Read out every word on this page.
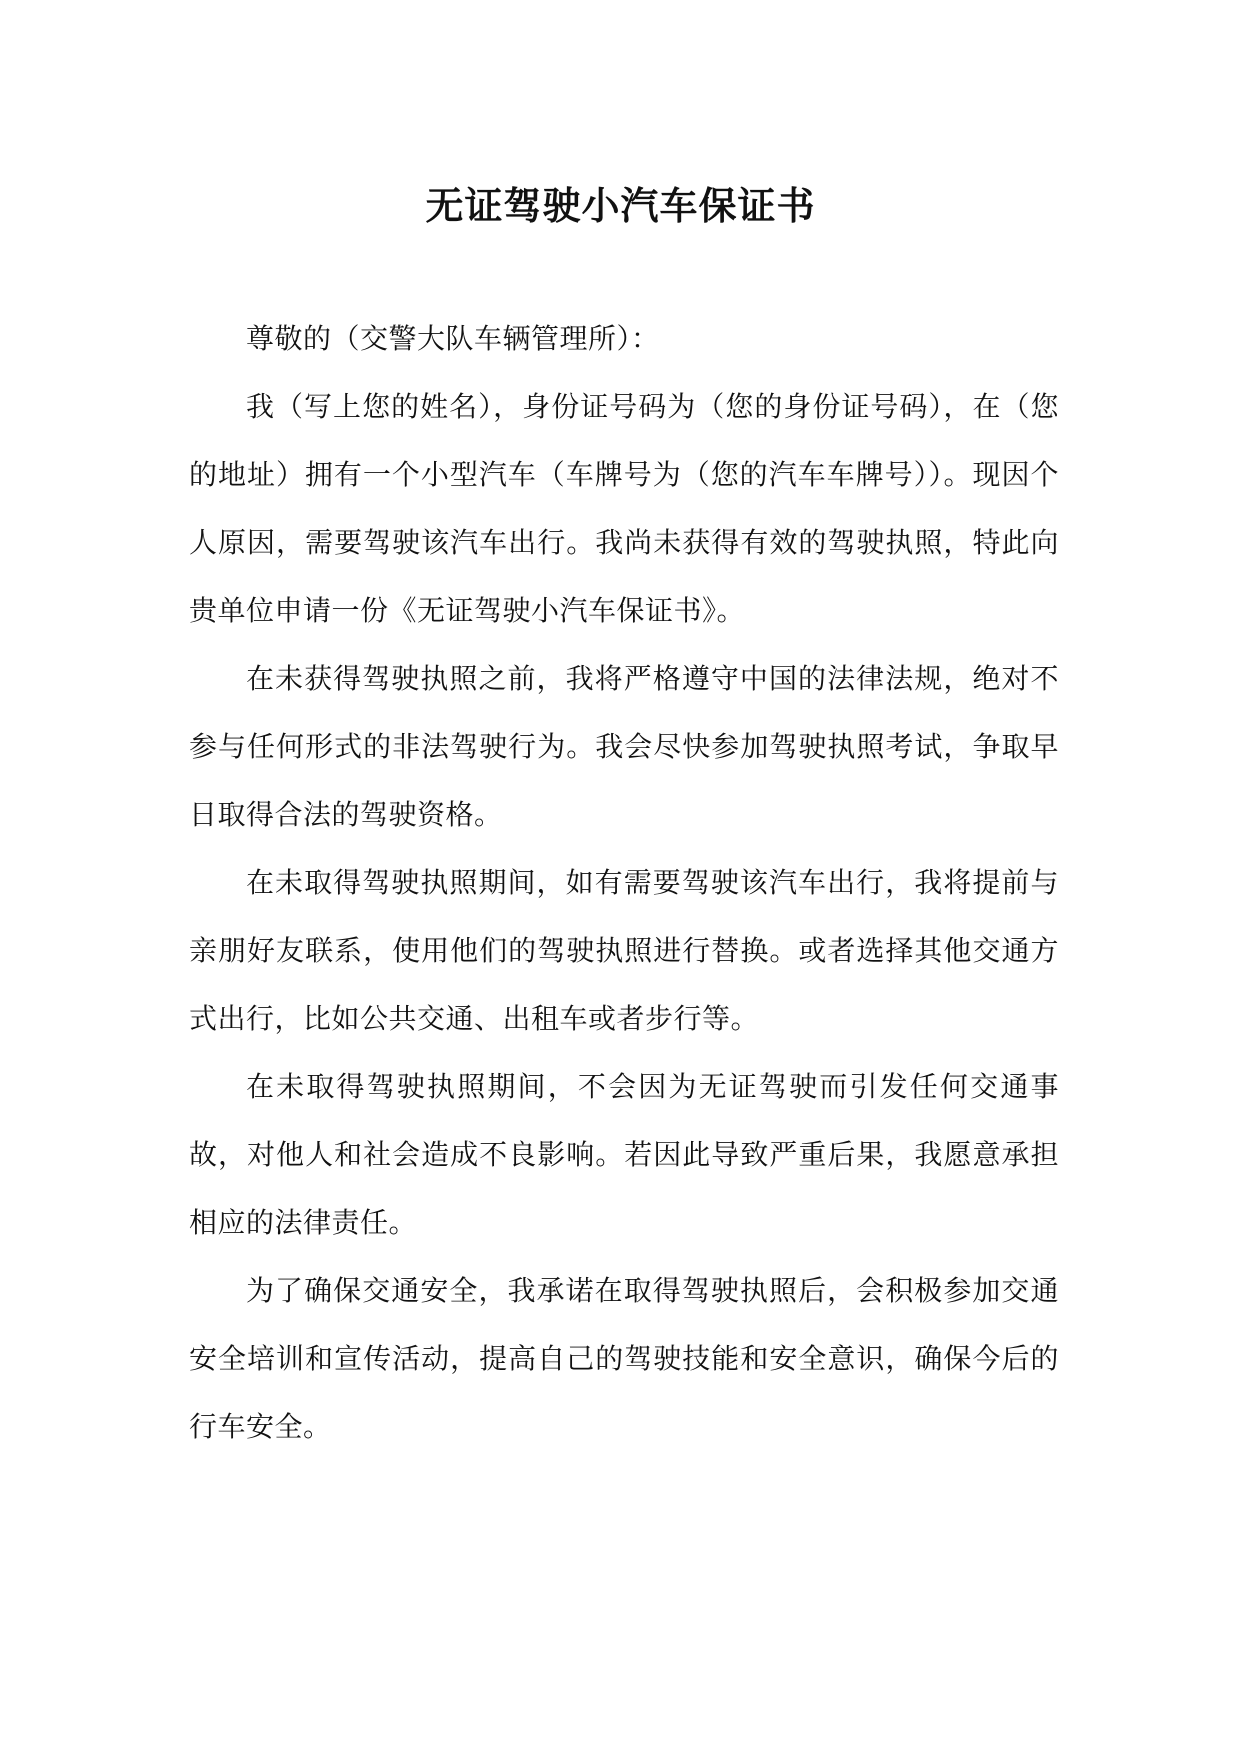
无证驾驶小汽车保证书

尊敬的（交警大队车辆管理所）：

我（写上您的姓名），身份证号码为（您的身份证号码），在（您的地址）拥有一个小型汽车（车牌号为（您的汽车车牌号））。现因个人原因，需要驾驶该汽车出行。我尚未获得有效的驾驶执照，特此向贵单位申请一份《无证驾驶小汽车保证书》。

在未获得驾驶执照之前，我将严格遵守中国的法律法规，绝对不参与任何形式的非法驾驶行为。我会尽快参加驾驶执照考试，争取早日取得合法的驾驶资格。

在未取得驾驶执照期间，如有需要驾驶该汽车出行，我将提前与亲朋好友联系，使用他们的驾驶执照进行替换。或者选择其他交通方式出行，比如公共交通、出租车或者步行等。

在未取得驾驶执照期间，不会因为无证驾驶而引发任何交通事故，对他人和社会造成不良影响。若因此导致严重后果，我愿意承担相应的法律责任。

为了确保交通安全，我承诺在取得驾驶执照后，会积极参加交通安全培训和宣传活动，提高自己的驾驶技能和安全意识，确保今后的行车安全。
